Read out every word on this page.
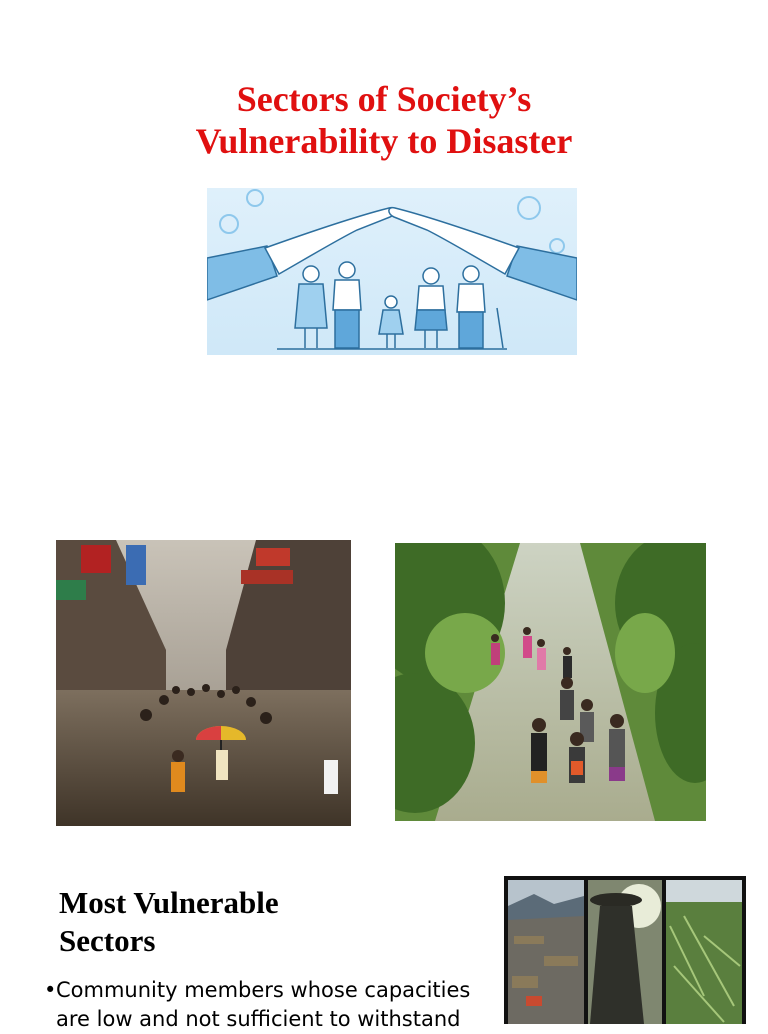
Sectors of Society’s
Vulnerability to Disaster
Most Vulnerable
Sectors
• Community members whose capacities are low and not sufficient to withstand
